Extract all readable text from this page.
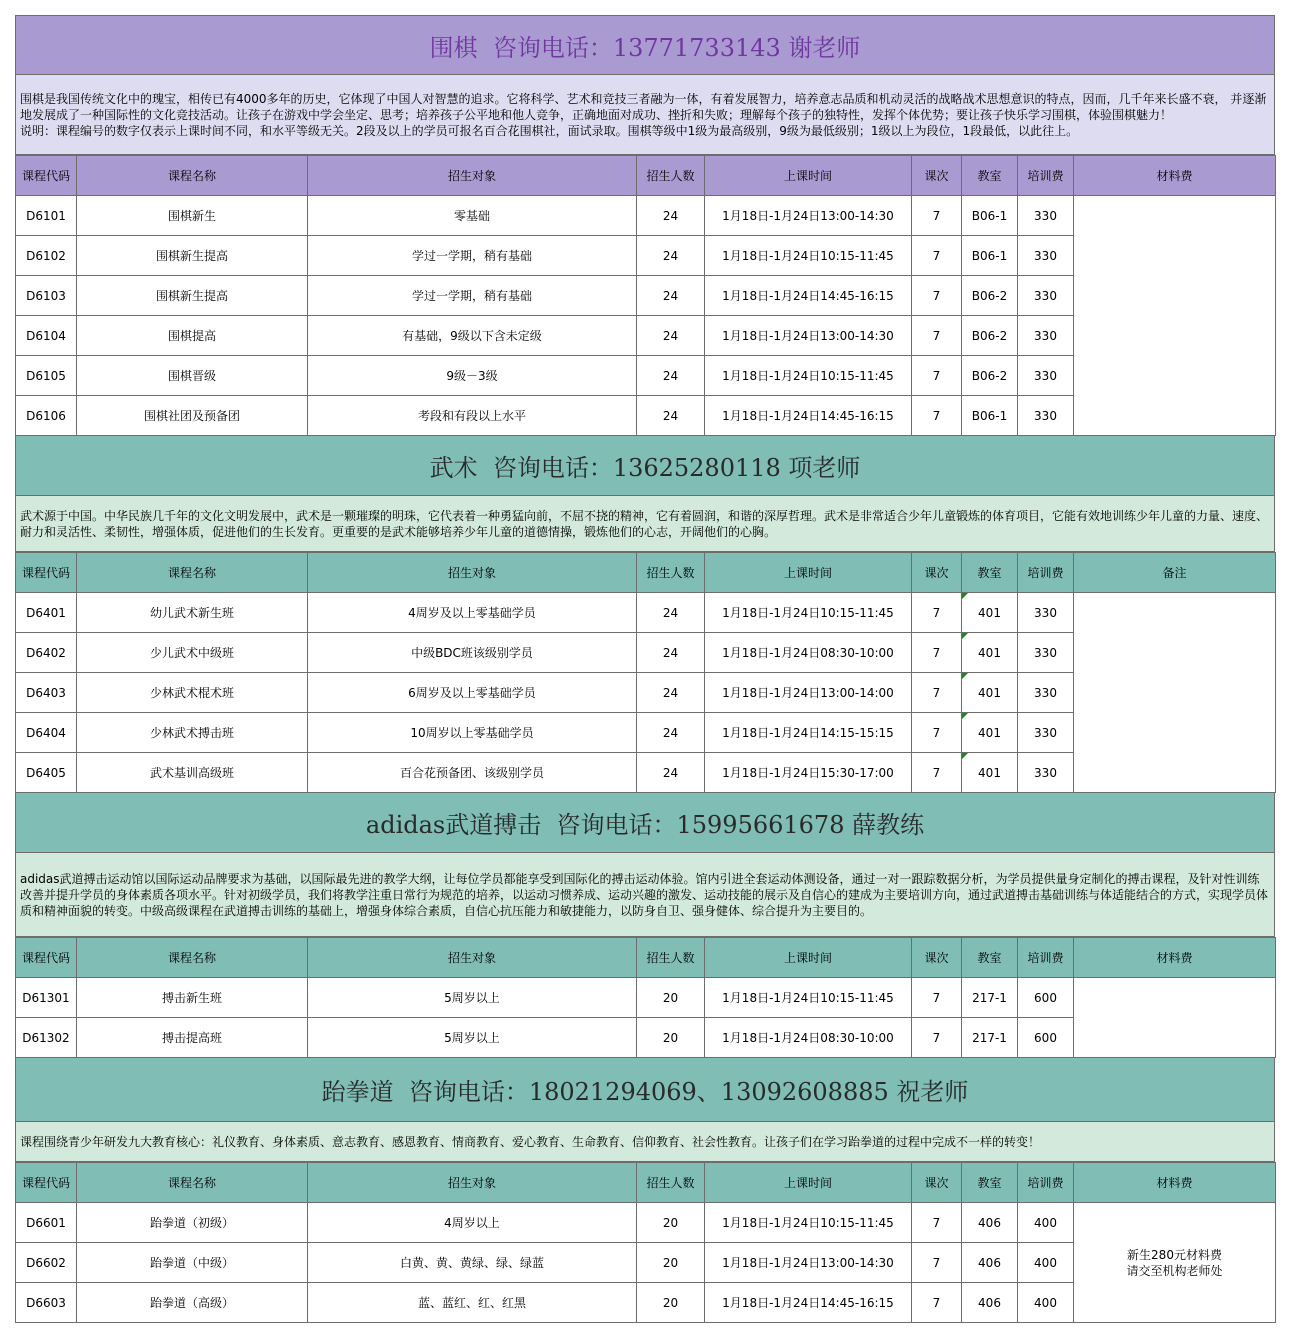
围棋  咨询电话：13771733143 谢老师
围棋是我国传统文化中的瑰宝，相传已有4000多年的历史，它体现了中国人对智慧的追求。它将科学、艺术和竞技三者融为一体，有着发展智力，培养意志品质和机动灵活的战略战术思想意识的特点，因而，几千年来长盛不衰， 并逐渐地发展成了一种国际性的文化竞技活动。让孩子在游戏中学会坐定、思考；培养孩子公平地和他人竞争，正确地面对成功、挫折和失败；理解每个孩子的独特性，发挥个体优势；要让孩子快乐学习围棋，体验围棋魅力！
说明：课程编号的数字仅表示上课时间不同，和水平等级无关。2段及以上的学员可报名百合花围棋社，面试录取。围棋等级中1级为最高级别，9级为最低级别；1级以上为段位，1段最低，以此往上。
课程代码	课程名称	招生对象	招生人数	上课时间	课次	教室	培训费	材料费
D6101	围棋新生	零基础	24	1月18日-1月24日13:00-14:30	7	B06-1	330	
D6102	围棋新生提高	学过一学期，稍有基础	24	1月18日-1月24日10:15-11:45	7	B06-1	330	
D6103	围棋新生提高	学过一学期，稍有基础	24	1月18日-1月24日14:45-16:15	7	B06-2	330	
D6104	围棋提高	有基础，9级以下含未定级	24	1月18日-1月24日13:00-14:30	7	B06-2	330	
D6105	围棋晋级	9级－3级	24	1月18日-1月24日10:15-11:45	7	B06-2	330	
D6106	围棋社团及预备团	考段和有段以上水平	24	1月18日-1月24日14:45-16:15	7	B06-1	330	
武术  咨询电话：13625280118 项老师
武术源于中国。中华民族几千年的文化文明发展中，武术是一颗璀璨的明珠，它代表着一种勇猛向前，不屈不挠的精神，它有着圆润，和谐的深厚哲理。武术是非常适合少年儿童锻炼的体育项目，它能有效地训练少年儿童的力量、速度、耐力和灵活性、柔韧性，增强体质，促进他们的生长发育。更重要的是武术能够培养少年儿童的道德情操，锻炼他们的心志，开阔他们的心胸。
课程代码	课程名称	招生对象	招生人数	上课时间	课次	教室	培训费	备注
D6401	幼儿武术新生班	4周岁及以上零基础学员	24	1月18日-1月24日10:15-11:45	7	401	330	
D6402	少儿武术中级班	中级BDC班该级别学员	24	1月18日-1月24日08:30-10:00	7	401	330	
D6403	少林武术棍术班	6周岁及以上零基础学员	24	1月18日-1月24日13:00-14:00	7	401	330	
D6404	少林武术搏击班	10周岁以上零基础学员	24	1月18日-1月24日14:15-15:15	7	401	330	
D6405	武术基训高级班	百合花预备团、该级别学员	24	1月18日-1月24日15:30-17:00	7	401	330	
adidas武道搏击  咨询电话：15995661678 薛教练
adidas武道搏击运动馆以国际运动品牌要求为基础，以国际最先进的教学大纲，让每位学员都能享受到国际化的搏击运动体验。馆内引进全套运动体测设备，通过一对一跟踪数据分析，为学员提供量身定制化的搏击课程，及针对性训练改善并提升学员的身体素质各项水平。针对初级学员，我们将教学注重日常行为规范的培养，以运动习惯养成、运动兴趣的激发、运动技能的展示及自信心的建成为主要培训方向，通过武道搏击基础训练与体适能结合的方式，实现学员体质和精神面貌的转变。中级高级课程在武道搏击训练的基础上，增强身体综合素质，自信心抗压能力和敏捷能力，以防身自卫、强身健体、综合提升为主要目的。
课程代码	课程名称	招生对象	招生人数	上课时间	课次	教室	培训费	材料费
D61301	搏击新生班	5周岁以上	20	1月18日-1月24日10:15-11:45	7	217-1	600	
D61302	搏击提高班	5周岁以上	20	1月18日-1月24日08:30-10:00	7	217-1	600	
跆拳道  咨询电话：18021294069、13092608885 祝老师
课程围绕青少年研发九大教育核心：礼仪教育、身体素质、意志教育、感恩教育、情商教育、爱心教育、生命教育、信仰教育、社会性教育。让孩子们在学习跆拳道的过程中完成不一样的转变！
课程代码	课程名称	招生对象	招生人数	上课时间	课次	教室	培训费	材料费
D6601	跆拳道（初级）	4周岁以上	20	1月18日-1月24日10:15-11:45	7	406	400	新生280元材料费
请交至机构老师处
D6602	跆拳道（中级）	白黄、黄、黄绿、绿、绿蓝	20	1月18日-1月24日13:00-14:30	7	406	400	
D6603	跆拳道（高级）	蓝、蓝红、红、红黑	20	1月18日-1月24日14:45-16:15	7	406	400	
